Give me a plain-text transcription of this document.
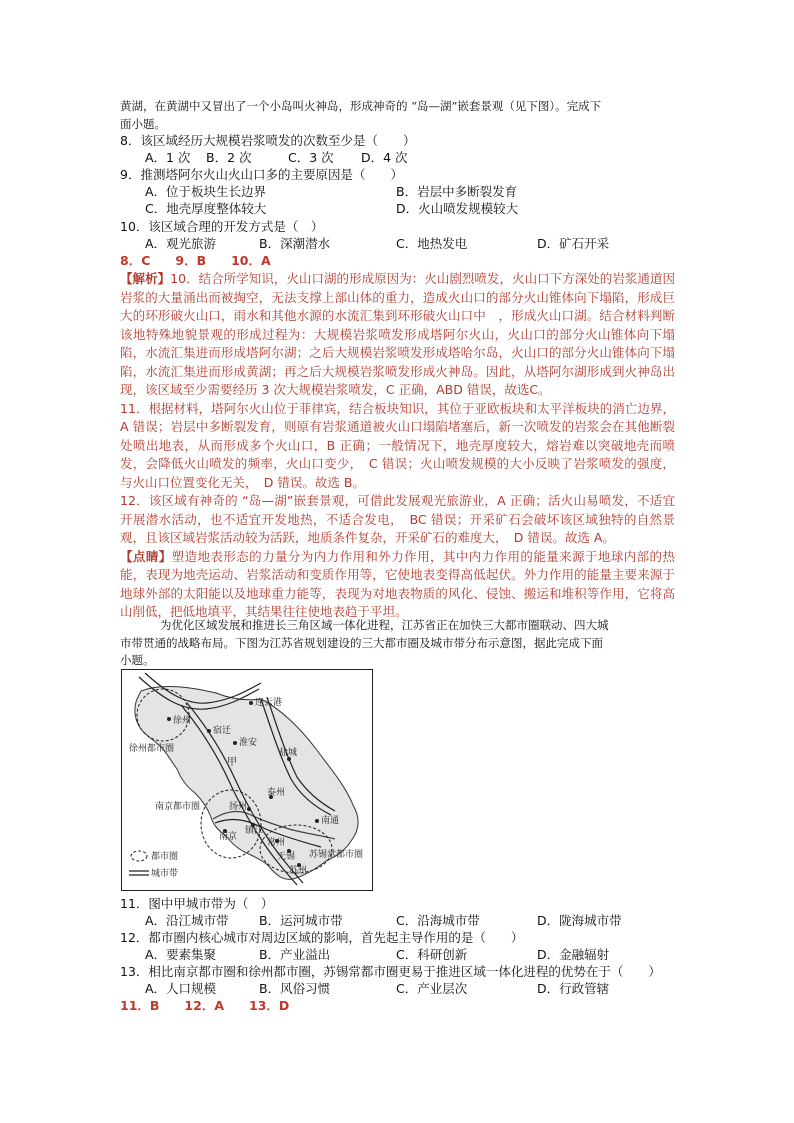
黄湖，在黄湖中又冒出了一个小岛叫火神岛，形成神奇的 “岛—湖”嵌套景观（见下图）。完成下
面小题。
8．该区域经历大规模岩浆喷发的次数至少是（　　）
A．1 次 B．2 次	C．3 次 D．4 次
9．推测塔阿尔火山火山口多的主要原因是（　　）
A．位于板块生长边界	B．岩层中多断裂发育
C．地壳厚度整体较大	D．火山喷发规模较大
10．该区域合理的开发方式是（　）
A．观光旅游	B．深潮潜水	C．地热发电	D．矿石开采
8．C　　9．B　　10．A

【解析】10．结合所学知识，火山口湖的形成原因为：火山剧烈喷发，火山口下方深处的岩浆通道因岩浆的大量涌出而被掏空，无法支撑上部山体的重力，造成火山口的部分火山锥体向下塌陷，形成巨大的环形破火山口，雨水和其他水源的水流汇集到环形破火山口中　，形成火山口湖。结合材料判断该地特殊地貌景观的形成过程为：大规模岩浆喷发形成塔阿尔火山，火山口的部分火山锥体向下塌陷，水流汇集进而形成塔阿尔湖；之后大规模岩浆喷发形成塔哈尔岛，火山口的部分火山锥体向下塌陷，水流汇集进而形成黄湖；再之后大规模岩浆喷发形成火神岛。因此，从塔阿尔湖形成到火神岛出现，该区域至少需要经历 3 次大规模岩浆喷发，C 正确，ABD 错误，故选C。

11．根据材料，塔阿尔火山位于菲律宾，结合板块知识，其位于亚欧板块和太平洋板块的消亡边界，A 错误；岩层中多断裂发育，则原有岩浆通道被火山口塌陷堵塞后，新一次喷发的岩浆会在其他断裂处喷出地表，从而形成多个火山口，B 正确；一般情况下，地壳厚度较大，熔岩难以突破地壳而喷发，会降低火山喷发的频率，火山口变少，　C 错误；火山喷发规模的大小反映了岩浆喷发的强度，与火山口位置变化无关，　D 错误。故选 B。

12．该区域有神奇的 “岛—湖”嵌套景观，可借此发展观光旅游业，A 正确；活火山易喷发，不适宜开展潜水活动，也不适宜开发地热，不适合发电，　BC 错误；开采矿石会破坏该区域独特的自然景观，且该区域岩浆活动较为活跃，地质条件复杂，开采矿石的难度大，　D 错误。故选 A。

【点睛】塑造地表形态的力量分为内力作用和外力作用，其中内力作用的能量来源于地球内部的热能，表现为地壳运动、岩浆活动和变质作用等，它使地表变得高低起伏。外力作用的能量主要来源于地球外部的太阳能以及地球重力能等，表现为对地表物质的风化、侵蚀、搬运和堆积等作用，它将高山削低，把低地填平，其结果往往使地表趋于平坦。

为优化区域发展和推进长三角区域一体化进程，江苏省正在加快三大都市圈联动、四大城
市带贯通的战略布局。下图为江苏省规划建设的三大都市圈及城市带分布示意图，据此完成下面
小题。
徐州
连云港
宿迁
淮安
盐城
泰州
扬州
南通
镇江
南京
常州
无锡
苏州
甲
徐州都市圈
南京都市圈
苏锡常都市圈
都市圈
城市带
11．图中甲城市带为（　）
A．沿江城市带 B．运河城市带	C．沿海城市带	D．陇海城市带
12．都市圈内核心城市对周边区域的影响，首先起主导作用的是（　　）
A．要素集聚	B．产业溢出	C．科研创新	D．金融辐射
13．相比南京都市圈和徐州都市圈，苏锡常都市圈更易于推进区域一体化进程的优势在于（　　）
A．人口规模	B．风俗习惯	C．产业层次	D．行政管辖
11．B　　12．A　　13．D
